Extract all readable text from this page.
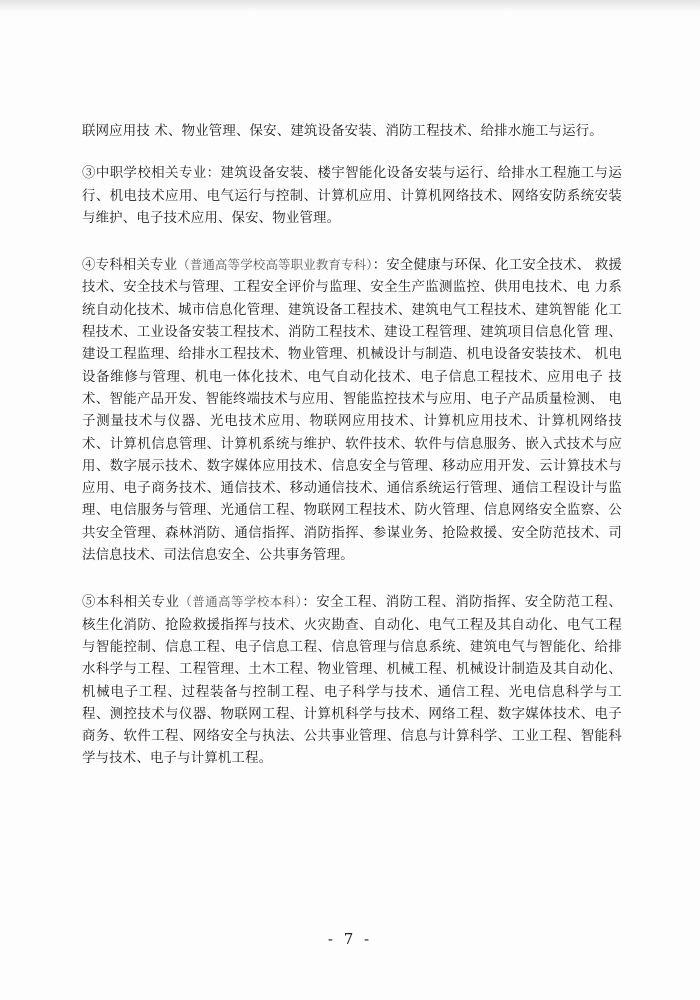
联网应用技 术、物业管理、保安、建筑设备安装、消防工程技术、给排水施工与运行。

③中职学校相关专业：建筑设备安装、楼宇智能化设备安装与运行、给排水工程施工与运 行、机电技术应用、电气运行与控制、计算机应用、计算机网络技术、网络安防系统安装 与维护、电子技术应用、保安、物业管理。

④专科相关专业（普通高等学校高等职业教育专科）：安全健康与环保、化工安全技术、 救援技术、安全技术与管理、工程安全评价与监理、安全生产监测监控、供用电技术、电 力系统自动化技术、城市信息化管理、建筑设备工程技术、建筑电气工程技术、建筑智能 化工程技术、工业设备安装工程技术、消防工程技术、建设工程管理、建筑项目信息化管 理、建设工程监理、给排水工程技术、物业管理、机械设计与制造、机电设备安装技术、 机电设备维修与管理、机电一体化技术、电气自动化技术、电子信息工程技术、应用电子 技术、智能产品开发、智能终端技术与应用、智能监控技术与应用、电子产品质量检测、 电子测量技术与仪器、光电技术应用、物联网应用技术、计算机应用技术、计算机网络技 术、计算机信息管理、计算机系统与维护、软件技术、软件与信息服务、嵌入式技术与应 用、数字展示技术、数字媒体应用技术、信息安全与管理、移动应用开发、云计算技术与 应用、电子商务技术、通信技术、移动通信技术、通信系统运行管理、通信工程设计与监 理、电信服务与管理、光通信工程、物联网工程技术、防火管理、信息网络安全监察、公 共安全管理、森林消防、通信指挥、消防指挥、参谋业务、抢险救援、安全防范技术、司法信息技术、司法信息安全、公共事务管理。

⑤本科相关专业（普通高等学校本科）：安全工程、消防工程、消防指挥、安全防范工程、 核生化消防、抢险救援指挥与技术、火灾勘查、自动化、电气工程及其自动化、电气工程 与智能控制、信息工程、电子信息工程、信息管理与信息系统、建筑电气与智能化、给排 水科学与工程、工程管理、土木工程、物业管理、机械工程、机械设计制造及其自动化、 机械电子工程、过程装备与控制工程、电子科学与技术、通信工程、光电信息科学与工 程、测控技术与仪器、物联网工程、计算机科学与技术、网络工程、数字媒体技术、电子 商务、软件工程、网络安全与执法、公共事业管理、信息与计算科学、工业工程、智能科 学与技术、电子与计算机工程。

- 7 -
